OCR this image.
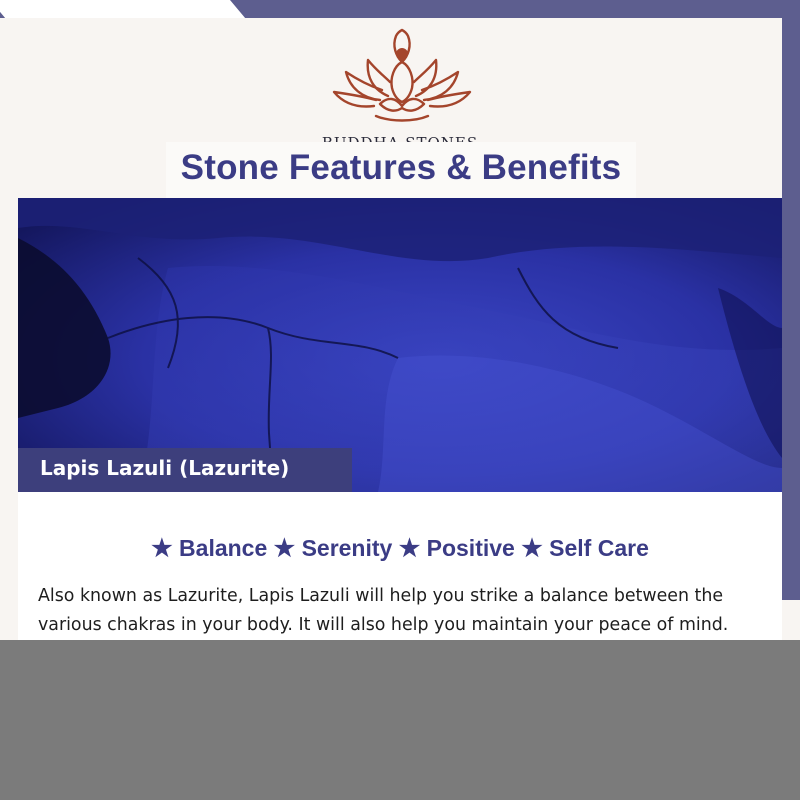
Stone Features & Benefits
Lapis Lazuli (Lazurite)
★ Balance ★ Serenity ★ Positive ★ Self Care
Also known as Lazurite, Lapis Lazuli will help you strike a balance between the
various chakras in your body. It will also help you maintain your peace of mind.
